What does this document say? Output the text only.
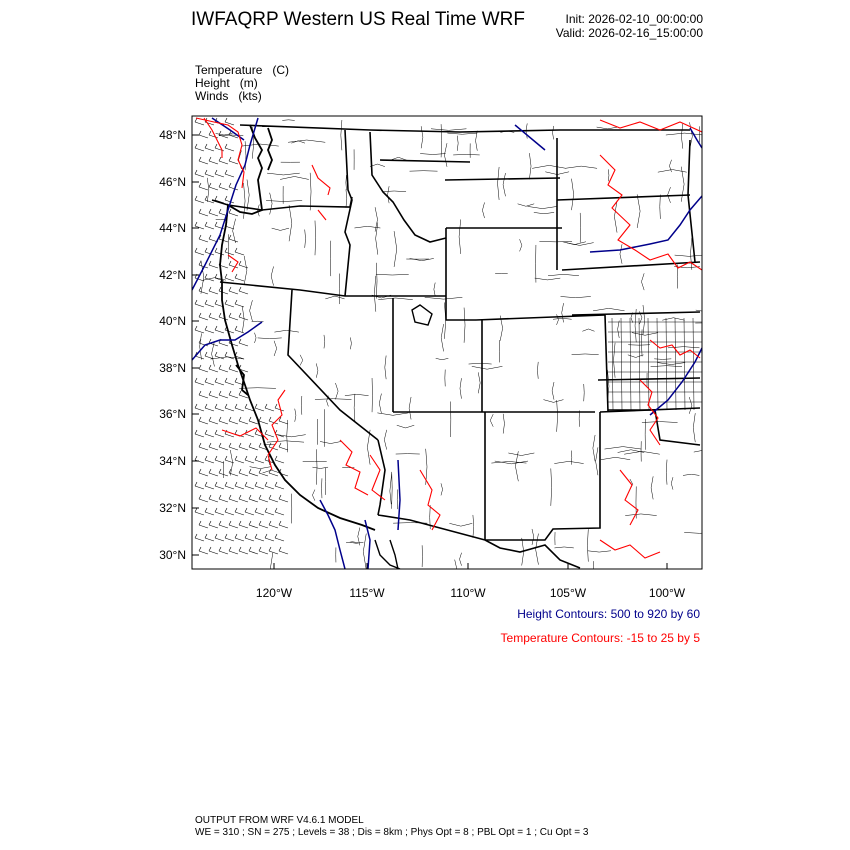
IWFAQRP Western US Real Time WRF	Init: 2026-02-10_00:00:00
Valid: 2026-02-16_15:00:00
Temperature (C)
Height (m)
Winds (kts)
48°N
46°N
44°N
42°N
40°N
38°N
36°N
34°N
32°N
30°N
120°W	115°W	110°W	105°W	100°W
Height Contours: 500 to 920 by 60
Temperature Contours: -15 to 25 by 5
OUTPUT FROM WRF V4.6.1 MODEL
WE = 310 ; SN = 275 ; Levels = 38 ; Dis = 8km ; Phys Opt = 8 ; PBL Opt = 1 ; Cu Opt = 3
